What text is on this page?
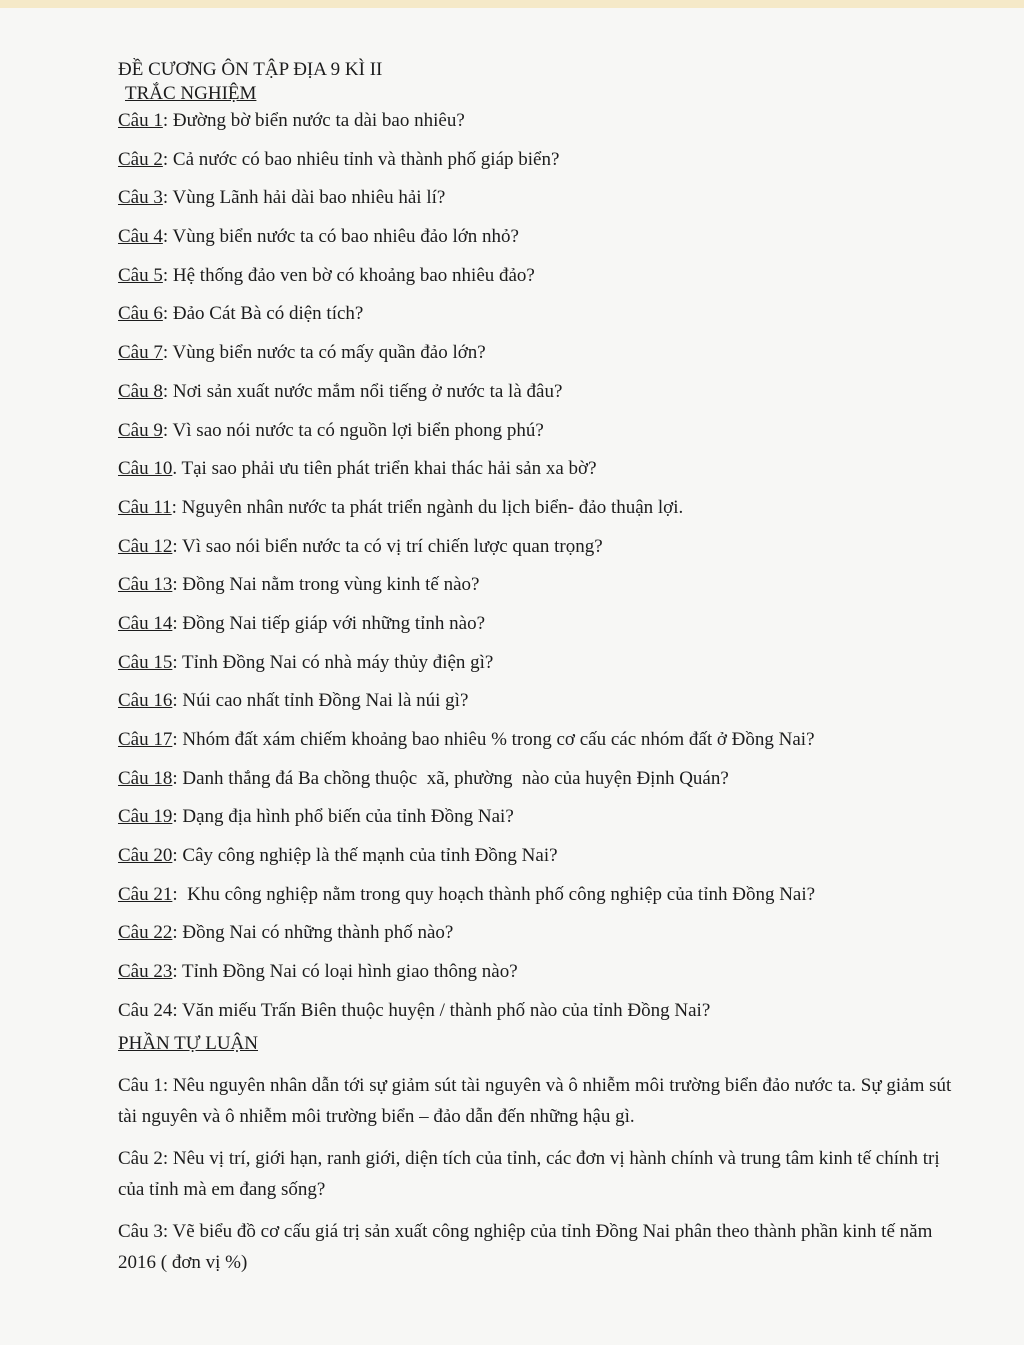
ĐỀ CƯƠNG ÔN TẬP ĐỊA 9 KÌ II
TRẮC NGHIỆM
Câu 1: Đường bờ biển nước ta dài bao nhiêu?
Câu 2: Cả nước có bao nhiêu tỉnh và thành phố giáp biển?
Câu 3: Vùng Lãnh hải dài bao nhiêu hải lí?
Câu 4: Vùng biển nước ta có bao nhiêu đảo lớn nhỏ?
Câu 5: Hệ thống đảo ven bờ có khoảng bao nhiêu đảo?
Câu 6: Đảo Cát Bà có diện tích?
Câu 7: Vùng biển nước ta có mấy quần đảo lớn?
Câu 8: Nơi sản xuất nước mắm nổi tiếng ở nước ta là đâu?
Câu 9: Vì sao nói nước ta có nguồn lợi biển phong phú?
Câu 10. Tại sao phải ưu tiên phát triển khai thác hải sản xa bờ?
Câu 11: Nguyên nhân nước ta phát triển ngành du lịch biển- đảo thuận lợi.
Câu 12: Vì sao nói biển nước ta có vị trí chiến lược quan trọng?
Câu 13: Đồng Nai nằm trong vùng kinh tế nào?
Câu 14: Đồng Nai tiếp giáp với những tỉnh nào?
Câu 15: Tỉnh Đồng Nai có nhà máy thủy điện gì?
Câu 16: Núi cao nhất tỉnh Đồng Nai là núi gì?
Câu 17: Nhóm đất xám chiếm khoảng bao nhiêu % trong cơ cấu các nhóm đất ở Đồng Nai?
Câu 18: Danh thắng đá Ba chồng thuộc  xã, phường  nào của huyện Định Quán?
Câu 19: Dạng địa hình phổ biến của tỉnh Đồng Nai?
Câu 20: Cây công nghiệp là thế mạnh của tỉnh Đồng Nai?
Câu 21:  Khu công nghiệp nằm trong quy hoạch thành phố công nghiệp của tỉnh Đồng Nai?
Câu 22: Đồng Nai có những thành phố nào?
Câu 23: Tỉnh Đồng Nai có loại hình giao thông nào?
Câu 24: Văn miếu Trấn Biên thuộc huyện / thành phố nào của tỉnh Đồng Nai?
PHẦN TỰ LUẬN
Câu 1: Nêu nguyên nhân dẫn tới sự giảm sút tài nguyên và ô nhiễm môi trường biển đảo nước ta. Sự giảm sút tài nguyên và ô nhiễm môi trường biển – đảo dẫn đến những hậu gì.
Câu 2: Nêu vị trí, giới hạn, ranh giới, diện tích của tỉnh, các đơn vị hành chính và trung tâm kinh tế chính trị của tỉnh mà em đang sống?
Câu 3: Vẽ biểu đồ cơ cấu giá trị sản xuất công nghiệp của tỉnh Đồng Nai phân theo thành phần kinh tế năm 2016 ( đơn vị %)
